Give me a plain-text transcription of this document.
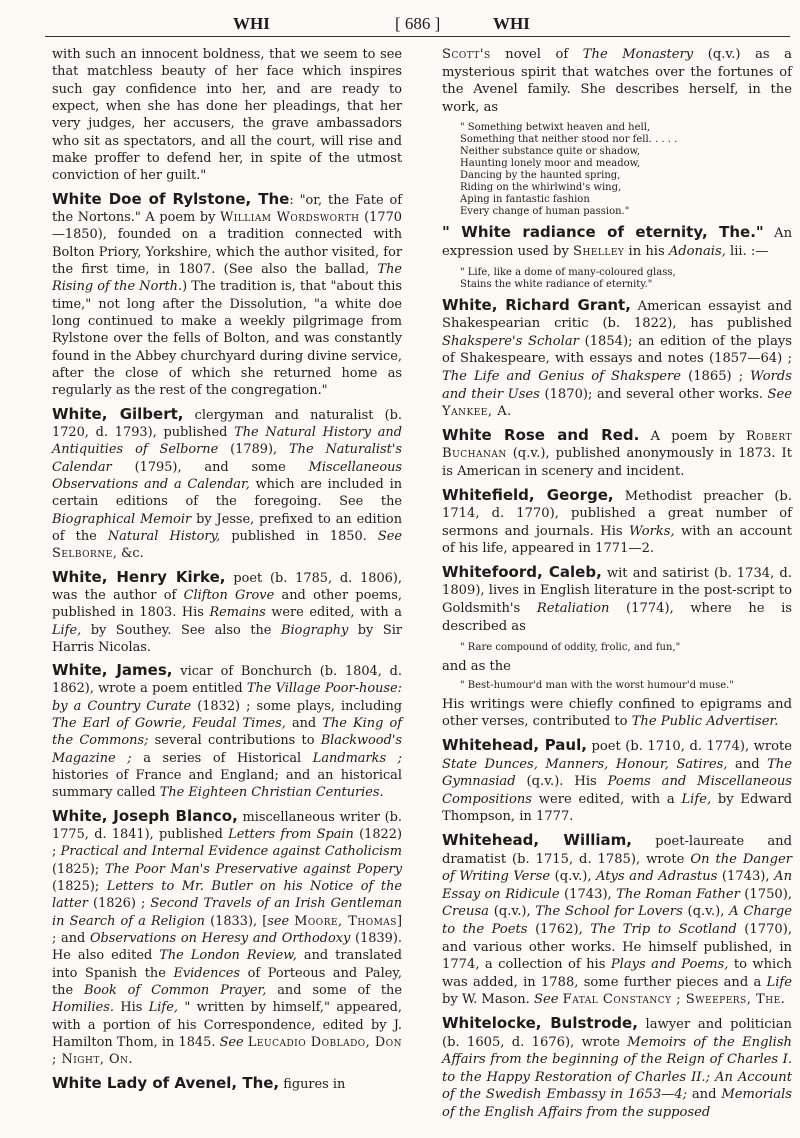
WHI	[ 686 ]	WHI

with such an innocent boldness, that we seem to see that matchless beauty of her face which inspires such gay confidence into her, and are ready to expect, when she has done her pleadings, that her very judges, her accusers, the grave ambassadors who sit as spectators, and all the court, will rise and make proffer to defend her, in spite of the utmost conviction of her guilt."

White Doe of Rylstone, The: "or, the Fate of the Nortons." A poem by William Wordsworth (1770—1850), founded on a tradition connected with Bolton Priory, Yorkshire, which the author visited, for the first time, in 1807. (See also the ballad, The Rising of the North.) The tradition is, that "about this time," not long after the Dissolution, "a white doe long continued to make a weekly pilgrimage from Rylstone over the fells of Bolton, and was constantly found in the Abbey churchyard during divine service, after the close of which she returned home as regularly as the rest of the congregation."

White, Gilbert, clergyman and naturalist (b. 1720, d. 1793), published The Natural History and Antiquities of Selborne (1789), The Naturalist's Calendar (1795), and some Miscellaneous Observations and a Calendar, which are included in certain editions of the foregoing. See the Biographical Memoir by Jesse, prefixed to an edition of the Natural History, published in 1850. See Selborne, &c.

White, Henry Kirke, poet (b. 1785, d. 1806), was the author of Clifton Grove and other poems, published in 1803. His Remains were edited, with a Life, by Southey. See also the Biography by Sir Harris Nicolas.

White, James, vicar of Bonchurch (b. 1804, d. 1862), wrote a poem entitled The Village Poor-house: by a Country Curate (1832) ; some plays, including The Earl of Gowrie, Feudal Times, and The King of the Commons; several contributions to Blackwood's Magazine ; a series of Historical Landmarks ; histories of France and England; and an historical summary called The Eighteen Christian Centuries.

White, Joseph Blanco, miscellaneous writer (b. 1775, d. 1841), published Letters from Spain (1822) ; Practical and Internal Evidence against Catholicism (1825); The Poor Man's Preservative against Popery (1825); Letters to Mr. Butler on his Notice of the latter (1826) ; Second Travels of an Irish Gentleman in Search of a Religion (1833), [see Moore, Thomas] ; and Observations on Heresy and Orthodoxy (1839). He also edited The London Review, and translated into Spanish the Evidences of Porteous and Paley, the Book of Common Prayer, and some of the Homilies. His Life, " written by himself," appeared, with a portion of his Correspondence, edited by J. Hamilton Thom, in 1845. See Leucadio Doblado, Don ; Night, On.

White Lady of Avenel, The, figures in

Scott's novel of The Monastery (q.v.) as a mysterious spirit that watches over the fortunes of the Avenel family. She describes herself, in the work, as

" Something betwixt heaven and hell,
Something that neither stood nor fell. . . . .
Neither substance quite or shadow,
Haunting lonely moor and meadow,
Dancing by the haunted spring,
Riding on the whirlwind's wing,
Aping in fantastic fashion
Every change of human passion."

" White radiance of eternity, The." An expression used by Shelley in his Adonais, lii. :—

" Life, like a dome of many-coloured glass,
Stains the white radiance of eternity."

White, Richard Grant, American essayist and Shakespearian critic (b. 1822), has published Shakspere's Scholar (1854); an edition of the plays of Shakespeare, with essays and notes (1857—64) ; The Life and Genius of Shakspere (1865) ; Words and their Uses (1870); and several other works. See Yankee, A.

White Rose and Red. A poem by Robert Buchanan (q.v.), published anonymously in 1873. It is American in scenery and incident.

Whitefield, George, Methodist preacher (b. 1714, d. 1770), published a great number of sermons and journals. His Works, with an account of his life, appeared in 1771—2.

Whitefoord, Caleb, wit and satirist (b. 1734, d. 1809), lives in English literature in the post-script to Goldsmith's Retaliation (1774), where he is described as

" Rare compound of oddity, frolic, and fun,"
and as the
" Best-humour'd man with the worst humour'd muse."

His writings were chiefly confined to epigrams and other verses, contributed to The Public Advertiser.

Whitehead, Paul, poet (b. 1710, d. 1774), wrote State Dunces, Manners, Honour, Satires, and The Gymnasiad (q.v.). His Poems and Miscellaneous Compositions were edited, with a Life, by Edward Thompson, in 1777.

Whitehead, William, poet-laureate and dramatist (b. 1715, d. 1785), wrote On the Danger of Writing Verse (q.v.), Atys and Adrastus (1743), An Essay on Ridicule (1743), The Roman Father (1750), Creusa (q.v.), The School for Lovers (q.v.), A Charge to the Poets (1762), The Trip to Scotland (1770), and various other works. He himself published, in 1774, a collection of his Plays and Poems, to which was added, in 1788, some further pieces and a Life by W. Mason. See Fatal Constancy ; Sweepers, The.

Whitelocke, Bulstrode, lawyer and politician (b. 1605, d. 1676), wrote Memoirs of the English Affairs from the beginning of the Reign of Charles I. to the Happy Restoration of Charles II.; An Account of the Swedish Embassy in 1653—4; and Memorials of the English Affairs from the supposed
